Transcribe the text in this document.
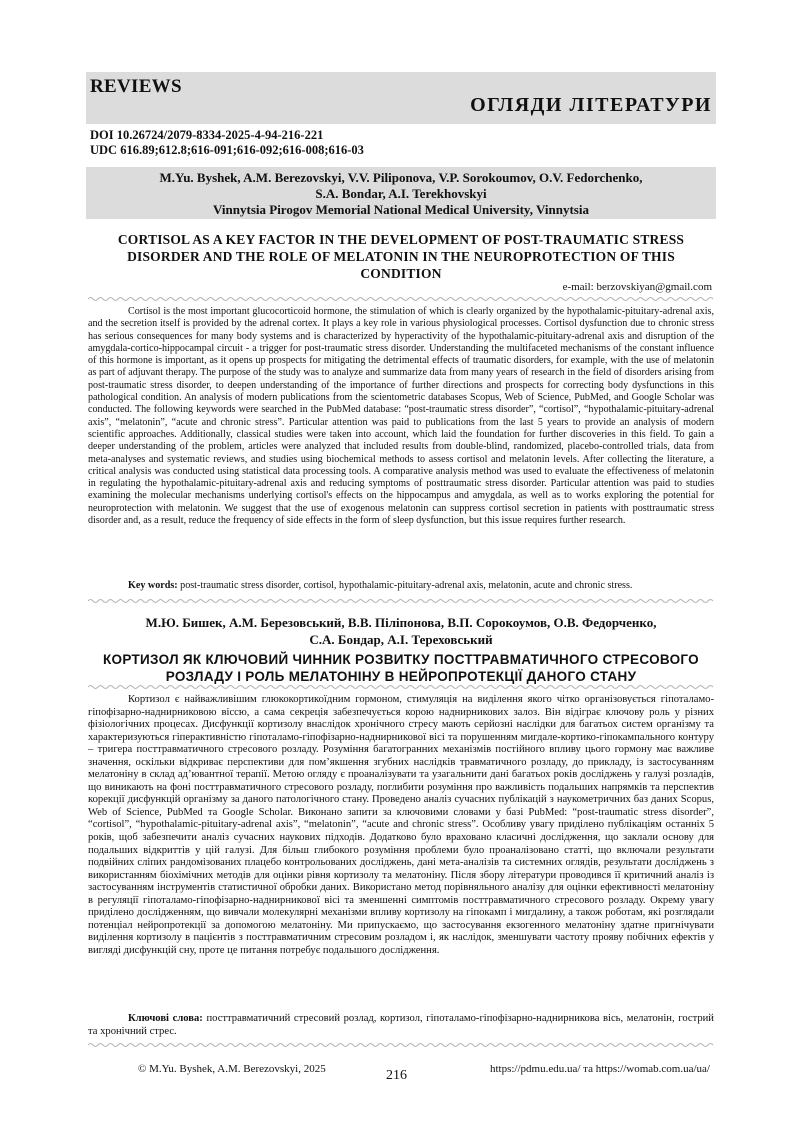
REVIEWS
ОГЛЯДИ ЛІТЕРАТУРИ
DOI 10.26724/2079-8334-2025-4-94-216-221
UDC 616.89;612.8;616-091;616-092;616-008;616-03
M.Yu. Byshek, A.M. Berezovskyi, V.V. Piliponova, V.P. Sorokoumov, O.V. Fedorchenko,
S.A. Bondar, A.I. Terekhovskyi
Vinnytsia Pirogov Memorial National Medical University, Vinnytsia
CORTISOL AS A KEY FACTOR IN THE DEVELOPMENT OF POST-TRAUMATIC STRESS DISORDER AND THE ROLE OF MELATONIN IN THE NEUROPROTECTION OF THIS CONDITION
e-mail: berzovskiyan@gmail.com

Cortisol is the most important glucocorticoid hormone, the stimulation of which is clearly organized by the hypothalamic-pituitary-adrenal axis, and the secretion itself is provided by the adrenal cortex. It plays a key role in various physiological processes. Cortisol dysfunction due to chronic stress has serious consequences for many body systems and is characterized by hyperactivity of the hypothalamic-pituitary-adrenal axis and disruption of the amygdala-cortico-hippocampal circuit - a trigger for post-traumatic stress disorder. Understanding the multifaceted mechanisms of the constant influence of this hormone is important, as it opens up prospects for mitigating the detrimental effects of traumatic disorders, for example, with the use of melatonin as part of adjuvant therapy. The purpose of the study was to analyze and summarize data from many years of research in the field of disorders arising from post-traumatic stress disorder, to deepen understanding of the importance of further directions and prospects for correcting body dysfunctions in this pathological condition. An analysis of modern publications from the scientometric databases Scopus, Web of Science, PubMed, and Google Scholar was conducted. The following keywords were searched in the PubMed database: “post-traumatic stress disorder”, “cortisol”, “hypothalamic-pituitary-adrenal axis”, “melatonin”, “acute and chronic stress”. Particular attention was paid to publications from the last 5 years to provide an analysis of modern scientific approaches. Additionally, classical studies were taken into account, which laid the foundation for further discoveries in this field. To gain a deeper understanding of the problem, articles were analyzed that included results from double-blind, randomized, placebo-controlled trials, data from meta-analyses and systematic reviews, and studies using biochemical methods to assess cortisol and melatonin levels. After collecting the literature, a critical analysis was conducted using statistical data processing tools. A comparative analysis method was used to evaluate the effectiveness of melatonin in regulating the hypothalamic-pituitary-adrenal axis and reducing symptoms of posttraumatic stress disorder. Particular attention was paid to studies examining the molecular mechanisms underlying cortisol's effects on the hippocampus and amygdala, as well as to works exploring the potential for neuroprotection with melatonin. We suggest that the use of exogenous melatonin can suppress cortisol secretion in patients with posttraumatic stress disorder and, as a result, reduce the frequency of side effects in the form of sleep dysfunction, but this issue requires further research.

Key words: post-traumatic stress disorder, cortisol, hypothalamic-pituitary-adrenal axis, melatonin, acute and chronic stress.

М.Ю. Бишек, А.М. Березовський, В.В. Піліпонова, В.П. Сорокоумов, О.В. Федорченко,
С.А. Бондар, А.І. Тереховський
КОРТИЗОЛ ЯК КЛЮЧОВИЙ ЧИННИК РОЗВИТКУ ПОСТТРАВМАТИЧНОГО СТРЕСОВОГО РОЗЛАДУ І РОЛЬ МЕЛАТОНІНУ В НЕЙРОПРОТЕКЦІЇ ДАНОГО СТАНУ

Кортизол є найважливішим глюкокортикоїдним гормоном, стимуляція на виділення якого чітко організовується гіпоталамо-гіпофізарно-наднирниковою віссю, а сама секреція забезпечується корою наднирникових залоз. Він відіграє ключову роль у різних фізіологічних процесах. Дисфункції кортизолу внаслідок хронічного стресу мають серйозні наслідки для багатьох систем організму та характеризуються гіперактивністю гіпоталамо-гіпофізарно-наднирникової вісі та порушенням мигдале-кортико-гіпокампального контуру – тригера посттравматичного стресового розладу. Розуміння багатогранних механізмів постійного впливу цього гормону має важливе значення, оскільки відкриває перспективи для пом’якшення згубних наслідків травматичного розладу, до прикладу, із застосуванням мелатоніну в склад ад’ювантної терапії. Метою огляду є проаналізувати та узагальнити дані багатьох років досліджень у галузі розладів, що виникають на фоні посттравматичного стресового розладу, поглибити розуміння про важливість подальших напрямків та перспектив корекції дисфункцій організму за даного патологічного стану. Проведено аналіз сучасних публікацій з наукометричних баз даних Scopus, Web of Science, PubMed та Google Scholar. Виконано запити за ключовими словами у базі PubMed: “post-traumatic stress disorder”, “cortisol”, “hypothalamic-pituitary-adrenal axis”, “melatonin”, “acute and chronic stress”. Особливу увагу приділено публікаціям останніх 5 років, щоб забезпечити аналіз сучасних наукових підходів. Додатково було враховано класичні дослідження, що заклали основу для подальших відкриттів у цій галузі. Для більш глибокого розуміння проблеми було проаналізовано статті, що включали результати подвійних сліпих рандомізованих плацебо контрольованих досліджень, дані мета-аналізів та системних оглядів, результати досліджень з використанням біохімічних методів для оцінки рівня кортизолу та мелатоніну. Після збору літератури проводився її критичний аналіз із застосуванням інструментів статистичної обробки даних. Використано метод порівняльного аналізу для оцінки ефективності мелатоніну в регуляції гіпоталамо-гіпофізарно-наднирникової вісі та зменшенні симптомів посттравматичного стресового розладу. Окрему увагу приділено дослідженням, що вивчали молекулярні механізми впливу кортизолу на гіпокамп і мигдалину, а також роботам, які розглядали потенціал нейропротекції за допомогою мелатоніну. Ми припускаємо, що застосування екзогенного мелатоніну здатне пригнічувати виділення кортизолу в пацієнтів з посттравматичним стресовим розладом і, як наслідок, зменшувати частоту прояву побічних ефектів у вигляді дисфункцій сну, проте це питання потребує подальшого дослідження.

Ключові слова: посттравматичний стресовий розлад, кортизол, гіпоталамо-гіпофізарно-наднирникова вісь, мелатонін, гострий та хронічний стрес.

© M.Yu. Byshek, A.M. Berezovskyi, 2025	216	https://pdmu.edu.ua/ та https://womab.com.ua/ua/
